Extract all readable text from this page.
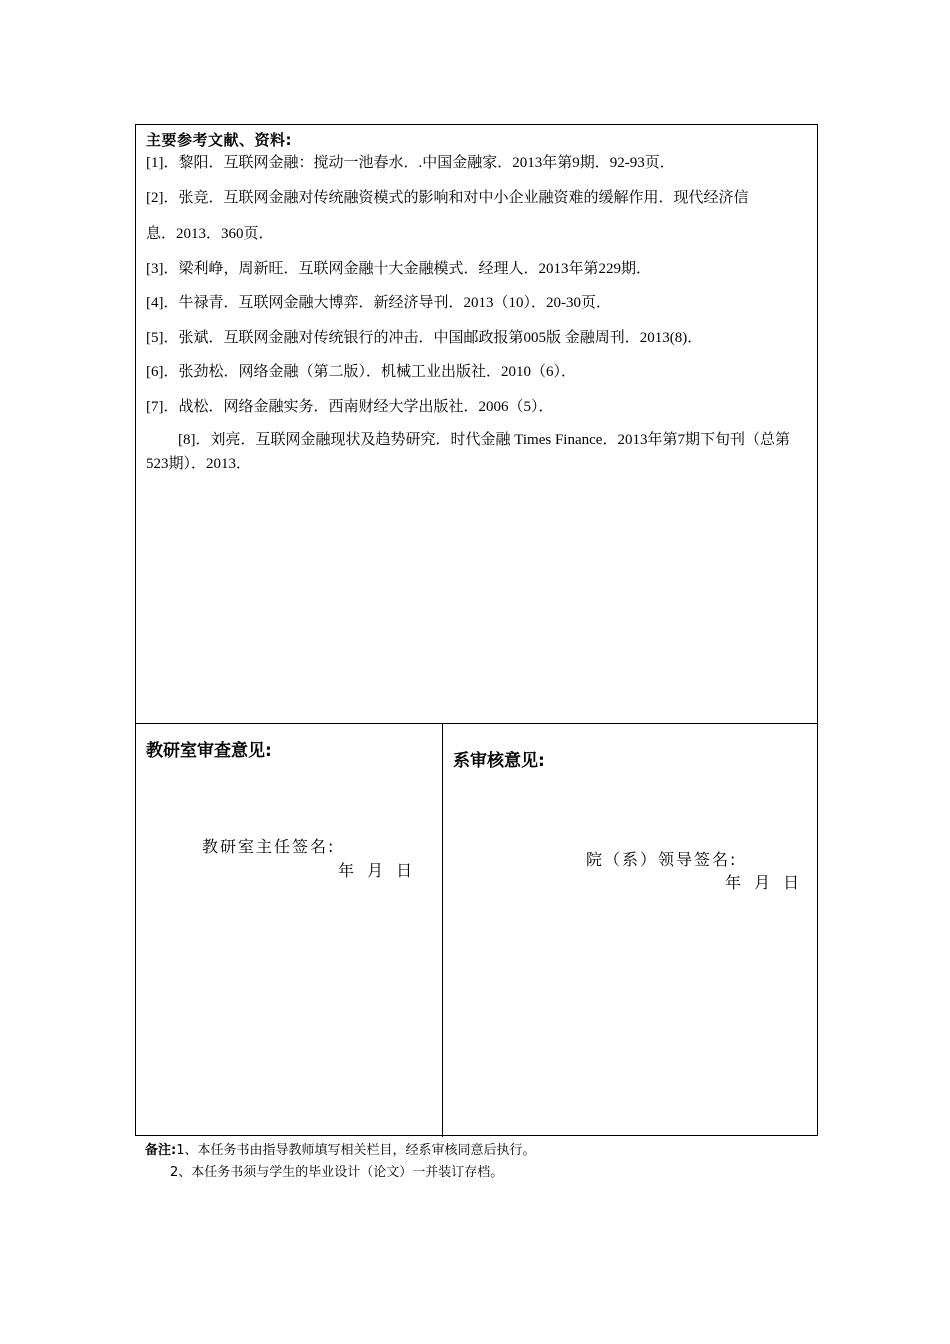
主要参考文献、资料:
[1]．黎阳．互联网金融：搅动一池春水．.中国金融家．2013年第9期．92-93页．
[2]．张竞．互联网金融对传统融资模式的影响和对中小企业融资难的缓解作用．现代经济信
息．2013．360页．
[3]．梁利峥，周新旺．互联网金融十大金融模式．经理人．2013年第229期．
[4]．牛禄青．互联网金融大博弈．新经济导刊．2013（10）．20-30页．
[5]．张斌．互联网金融对传统银行的冲击．中国邮政报第005版 金融周刊．2013(8)．
[6]．张劲松．网络金融（第二版）．机械工业出版社．2010（6）．
[7]．战松．网络金融实务．西南财经大学出版社．2006（5）．
[8]．刘亮．互联网金融现状及趋势研究．时代金融 Times Finance．2013年第7期下旬刊（总第523期）．2013．
教研室审查意见:
教研室主任签名:
年 月 日
系审核意见:
院（系）领导签名:
年 月 日
备注:1、本任务书由指导教师填写相关栏目，经系审核同意后执行。
2、本任务书须与学生的毕业设计（论文）一并装订存档。
